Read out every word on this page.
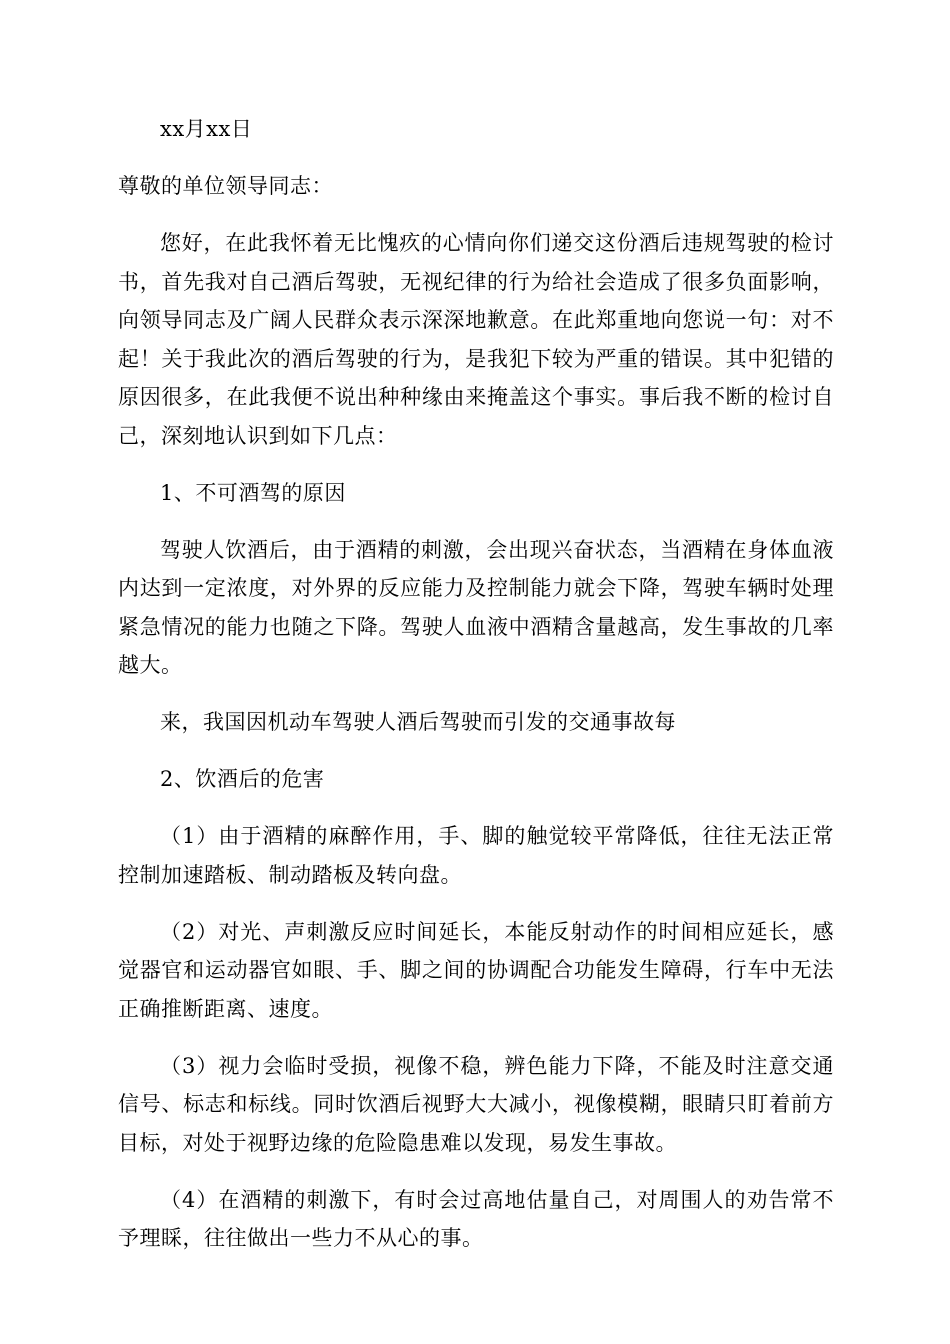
xx月xx日

尊敬的单位领导同志：

您好，在此我怀着无比愧疚的心情向你们递交这份酒后违规驾驶的检讨书，首先我对自己酒后驾驶，无视纪律的行为给社会造成了很多负面影响，向领导同志及广阔人民群众表示深深地歉意。在此郑重地向您说一句：对不起！关于我此次的酒后驾驶的行为，是我犯下较为严重的错误。其中犯错的原因很多，在此我便不说出种种缘由来掩盖这个事实。事后我不断的检讨自己，深刻地认识到如下几点：

1、不可酒驾的原因

驾驶人饮酒后，由于酒精的刺激，会出现兴奋状态，当酒精在身体血液内达到一定浓度，对外界的反应能力及控制能力就会下降，驾驶车辆时处理紧急情况的能力也随之下降。驾驶人血液中酒精含量越高，发生事故的几率越大。

来，我国因机动车驾驶人酒后驾驶而引发的交通事故每

2、饮酒后的危害

（1）由于酒精的麻醉作用，手、脚的触觉较平常降低，往往无法正常控制加速踏板、制动踏板及转向盘。

（2）对光、声刺激反应时间延长，本能反射动作的时间相应延长，感觉器官和运动器官如眼、手、脚之间的协调配合功能发生障碍，行车中无法正确推断距离、速度。

（3）视力会临时受损，视像不稳，辨色能力下降，不能及时注意交通信号、标志和标线。同时饮酒后视野大大减小，视像模糊，眼睛只盯着前方目标，对处于视野边缘的危险隐患难以发现，易发生事故。

（4）在酒精的刺激下，有时会过高地估量自己，对周围人的劝告常不予理睬，往往做出一些力不从心的事。
